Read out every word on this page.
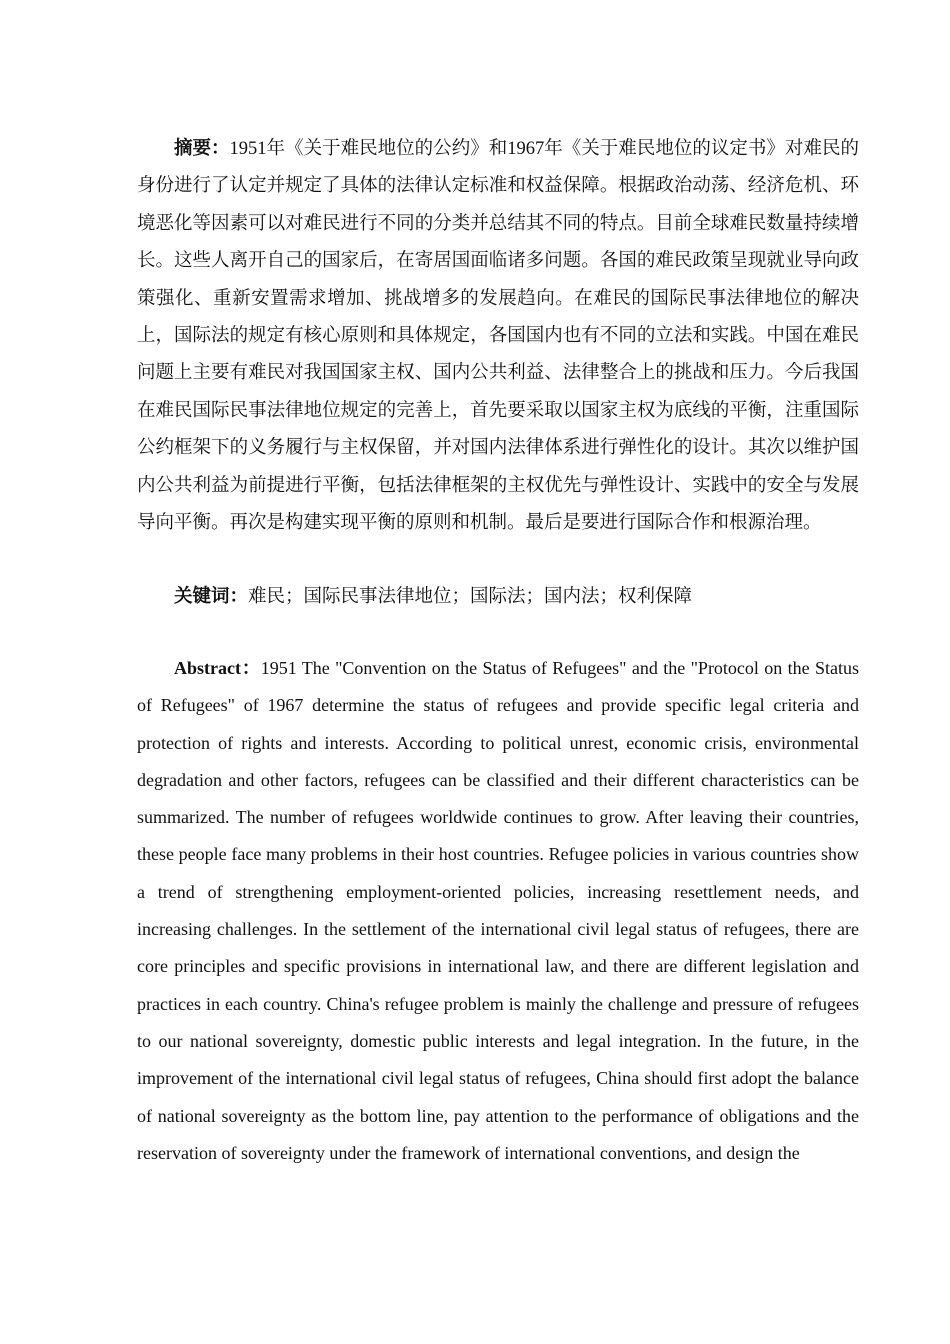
摘要：1951年《关于难民地位的公约》和1967年《关于难民地位的议定书》对难民的身份进行了认定并规定了具体的法律认定标准和权益保障。根据政治动荡、经济危机、环境恶化等因素可以对难民进行不同的分类并总结其不同的特点。目前全球难民数量持续增长。这些人离开自己的国家后，在寄居国面临诸多问题。各国的难民政策呈现就业导向政策强化、重新安置需求增加、挑战增多的发展趋向。在难民的国际民事法律地位的解决上，国际法的规定有核心原则和具体规定，各国国内也有不同的立法和实践。中国在难民问题上主要有难民对我国国家主权、国内公共利益、法律整合上的挑战和压力。今后我国在难民国际民事法律地位规定的完善上，首先要采取以国家主权为底线的平衡，注重国际公约框架下的义务履行与主权保留，并对国内法律体系进行弹性化的设计。其次以维护国内公共利益为前提进行平衡，包括法律框架的主权优先与弹性设计、实践中的安全与发展导向平衡。再次是构建实现平衡的原则和机制。最后是要进行国际合作和根源治理。

关键词：难民；国际民事法律地位；国际法；国内法；权利保障

Abstract：1951 The "Convention on the Status of Refugees" and the "Protocol on the Status of Refugees" of 1967 determine the status of refugees and provide specific legal criteria and protection of rights and interests. According to political unrest, economic crisis, environmental degradation and other factors, refugees can be classified and their different characteristics can be summarized. The number of refugees worldwide continues to grow. After leaving their countries, these people face many problems in their host countries. Refugee policies in various countries show a trend of strengthening employment-oriented policies, increasing resettlement needs, and increasing challenges. In the settlement of the international civil legal status of refugees, there are core principles and specific provisions in international law, and there are different legislation and practices in each country. China's refugee problem is mainly the challenge and pressure of refugees to our national sovereignty, domestic public interests and legal integration. In the future, in the improvement of the international civil legal status of refugees, China should first adopt the balance of national sovereignty as the bottom line, pay attention to the performance of obligations and the reservation of sovereignty under the framework of international conventions, and design the
